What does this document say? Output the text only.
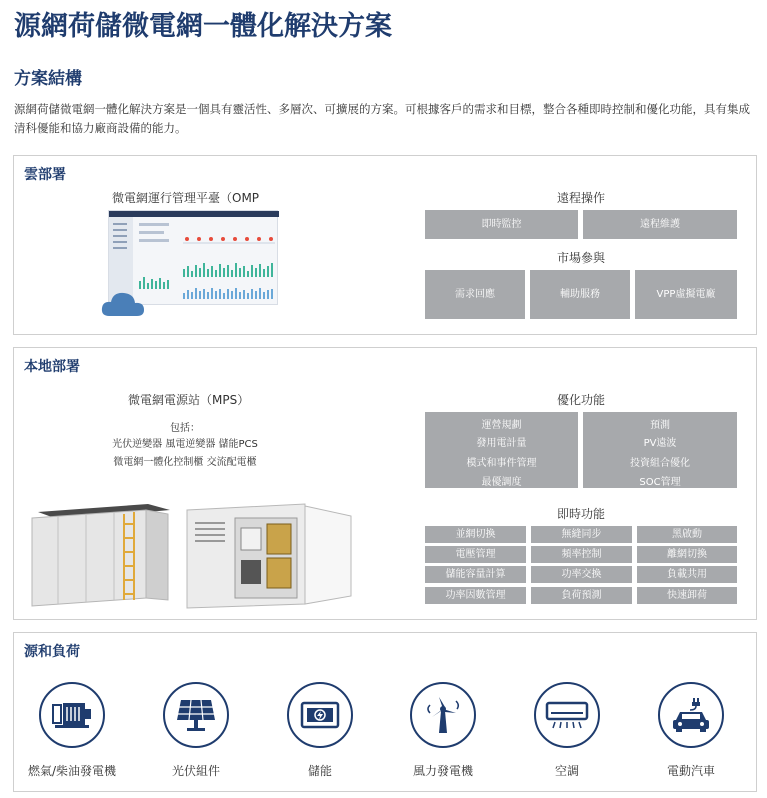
源網荷儲微電網一體化解決方案
方案結構
源網荷儲微電網一體化解決方案是一個具有靈活性、多層次、可擴展的方案。可根據客戶的需求和目標，整合各種即時控制和優化功能，具有集成清科優能和協力廠商設備的能力。
雲部署
微電網運行管理平臺（OMP	遠程操作
即時監控	遠程維護
市場參與
需求回應	輔助服務	VPP虛擬電廠
本地部署
微電網電源站（MPS）
包括：
光伏逆變器 風電逆變器 儲能PCS
微電網一體化控制櫃 交流配電櫃
優化功能
運營規劃
發用電計量
模式和事件管理
最優調度
預測
PV遠波
投資組合優化
SOC管理
即時功能
並網切換	無縫同步	黑啟動
電壓管理	頻率控制	離網切換
儲能容量計算	功率交換	負載共用
功率因數管理	負荷預測	快速卸荷
源和負荷
燃氣/柴油發電機	光伏組件	儲能	風力發電機	空調	電動汽車
